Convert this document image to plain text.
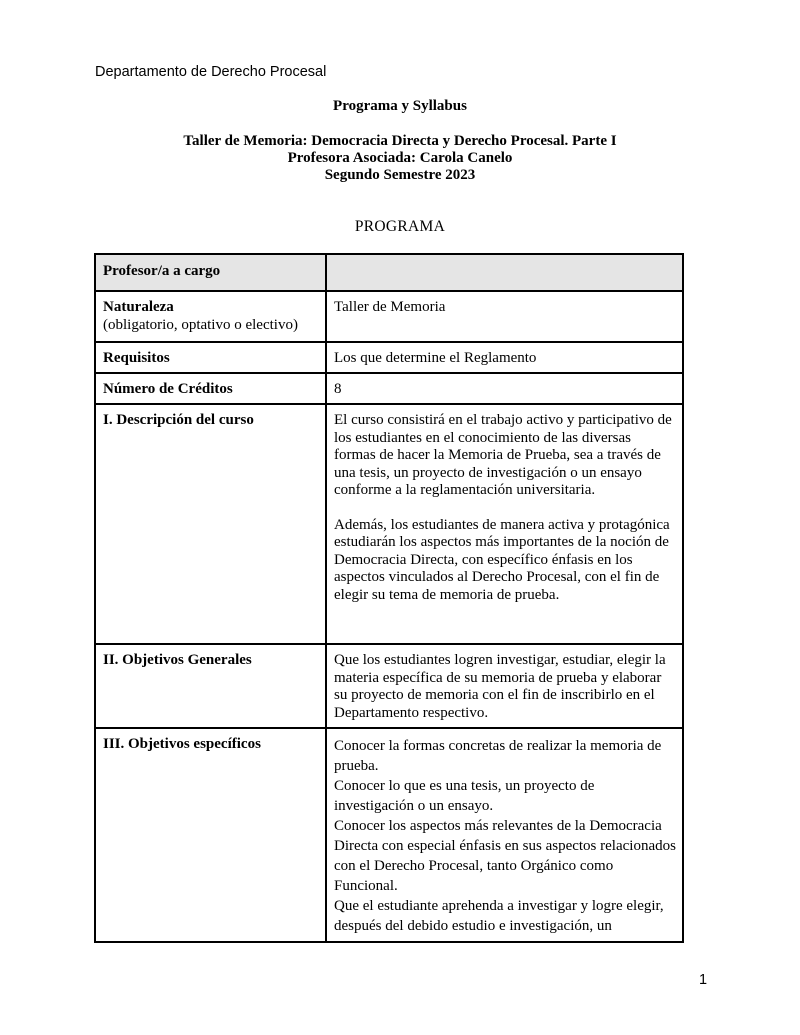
Departamento de Derecho Procesal
Programa y Syllabus
Taller de Memoria: Democracia Directa y Derecho Procesal. Parte I
Profesora Asociada: Carola Canelo
Segundo Semestre 2023
PROGRAMA
Profesor/a a cargo	
Naturaleza
(obligatorio, optativo o electivo)	Taller de Memoria
Requisitos	Los que determine el Reglamento
Número de Créditos	8
I. Descripción del curso	El curso consistirá en el trabajo activo y participativo de los estudiantes en el conocimiento de las diversas formas de hacer la Memoria de Prueba, sea a través de una tesis, un proyecto de investigación o un ensayo conforme a la reglamentación universitaria.

Además, los estudiantes de manera activa y protagónica estudiarán los aspectos más importantes de la noción de Democracia Directa, con específico énfasis en los aspectos vinculados al Derecho Procesal, con el fin de elegir su tema de memoria de prueba.

II. Objetivos Generales	Que los estudiantes logren investigar, estudiar, elegir la materia específica de su memoria de prueba y elaborar su proyecto de memoria con el fin de inscribirlo en el Departamento respectivo.
III. Objetivos específicos	Conocer la formas concretas de realizar la memoria de prueba.
Conocer lo que es una tesis, un proyecto de investigación o un ensayo.
Conocer los aspectos más relevantes de la Democracia Directa con especial énfasis en sus aspectos relacionados con el Derecho Procesal, tanto Orgánico como Funcional.
Que el estudiante aprehenda a investigar y logre elegir, después del debido estudio e investigación, un
1
